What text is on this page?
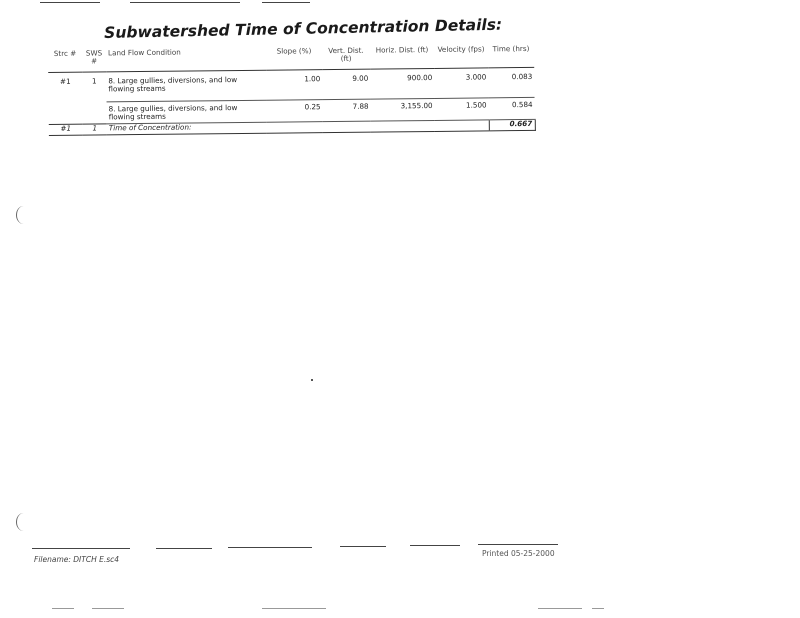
Subwatershed Time of Concentration Details:
Strc #	SWS #	Land Flow Condition	Slope (%)	Vert. Dist. (ft)	Horiz. Dist. (ft)	Velocity (fps)	Time (hrs)
#1	1	8. Large gullies, diversions, and low flowing streams	1.00	9.00	900.00	3.000	0.083
		8. Large gullies, diversions, and low flowing streams	0.25	7.88	3,155.00	1.500	0.584
#1	1	Time of Concentration:					0.667
Filename: DITCH E.sc4
Printed 05-25-2000
